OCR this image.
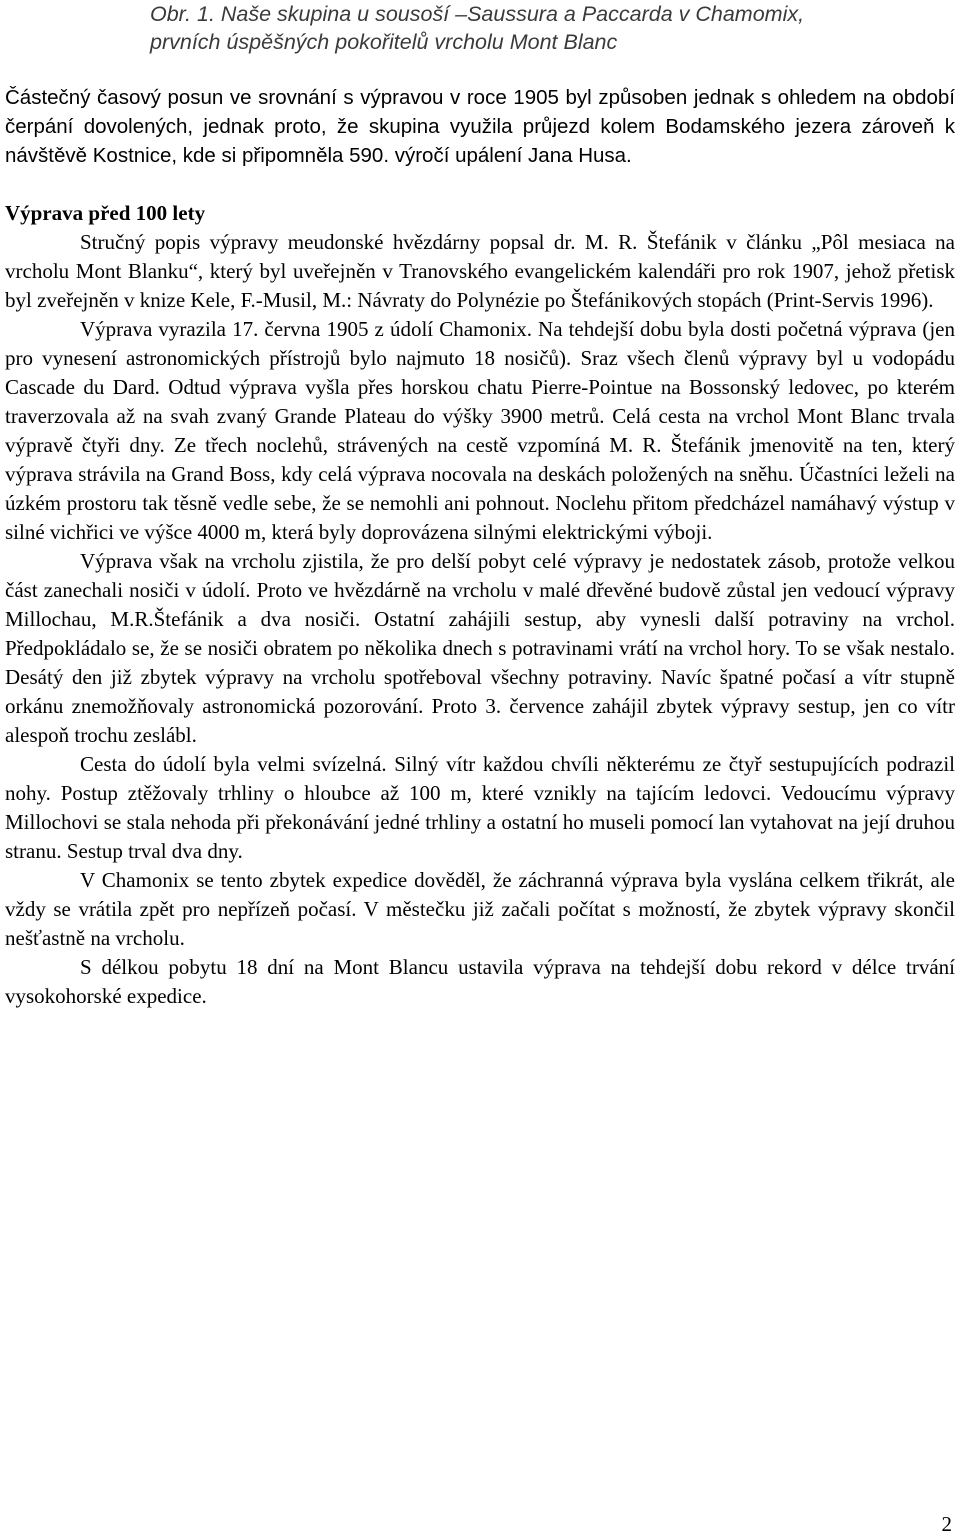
Obr. 1. Naše skupina u sousoší –Saussura a Paccarda v Chamomix,
prvních úspěšných pokořitelů vrcholu Mont Blanc
Částečný časový posun ve srovnání s výpravou v roce 1905 byl způsoben jednak s ohledem na období čerpání dovolených, jednak proto, že skupina využila průjezd kolem Bodamského jezera zároveň k návštěvě Kostnice, kde si připomněla 590. výročí upálení Jana Husa.
Výprava před 100 lety

Stručný popis výpravy meudonské hvězdárny popsal dr. M. R. Štefánik v článku „Pôl mesiaca na vrcholu Mont Blanku“, který byl uveřejněn v Tranovského evangelickém kalendáři pro rok 1907, jehož přetisk byl zveřejněn v knize Kele, F.-Musil, M.: Návraty do Polynézie po Štefánikových stopách (Print-Servis 1996).

Výprava vyrazila 17. června 1905 z údolí Chamonix. Na tehdejší dobu byla dosti početná výprava (jen pro vynesení astronomických přístrojů bylo najmuto 18 nosičů). Sraz všech členů výpravy byl u vodopádu Cascade du Dard. Odtud výprava vyšla přes horskou chatu Pierre-Pointue na Bossonský ledovec, po kterém traverzovala až na svah zvaný Grande Plateau do výšky 3900 metrů. Celá cesta na vrchol Mont Blanc trvala výpravě čtyři dny. Ze třech noclehů, strávených na cestě vzpomíná M. R. Štefánik jmenovitě na ten, který výprava strávila na Grand Boss, kdy celá výprava nocovala na deskách položených na sněhu. Účastníci leželi na úzkém prostoru tak těsně vedle sebe, že se nemohli ani pohnout. Noclehu přitom předcházel namáhavý výstup v silné vichřici ve výšce 4000 m, která byly doprovázena silnými elektrickými výboji.

Výprava však na vrcholu zjistila, že pro delší pobyt celé výpravy je nedostatek zásob, protože velkou část zanechali nosiči v údolí. Proto ve hvězdárně na vrcholu v malé dřevěné budově zůstal jen vedoucí výpravy Millochau, M.R.Štefánik a dva nosiči. Ostatní zahájili sestup, aby vynesli další potraviny na vrchol. Předpokládalo se, že se nosiči obratem po několika dnech s potravinami vrátí na vrchol hory. To se však nestalo. Desátý den již zbytek výpravy na vrcholu spotřeboval všechny potraviny. Navíc špatné počasí a vítr stupně orkánu znemožňovaly astronomická pozorování. Proto 3. července zahájil zbytek výpravy sestup, jen co vítr alespoň trochu zeslábl.

Cesta do údolí byla velmi svízelná. Silný vítr každou chvíli některému ze čtyř sestupujících podrazil nohy. Postup ztěžovaly trhliny o hloubce až 100 m, které vznikly na tajícím ledovci. Vedoucímu výpravy Millochovi se stala nehoda při překonávání jedné trhliny a ostatní ho museli pomocí lan vytahovat na její druhou stranu. Sestup trval dva dny.

V Chamonix se tento zbytek expedice dověděl, že záchranná výprava byla vyslána celkem třikrát, ale vždy se vrátila zpět pro nepřízeň počasí. V městečku již začali počítat s možností, že zbytek výpravy skončil nešťastně na vrcholu.

S délkou pobytu 18 dní na Mont Blancu ustavila výprava na tehdejší dobu rekord v délce trvání vysokohorské expedice.

2
